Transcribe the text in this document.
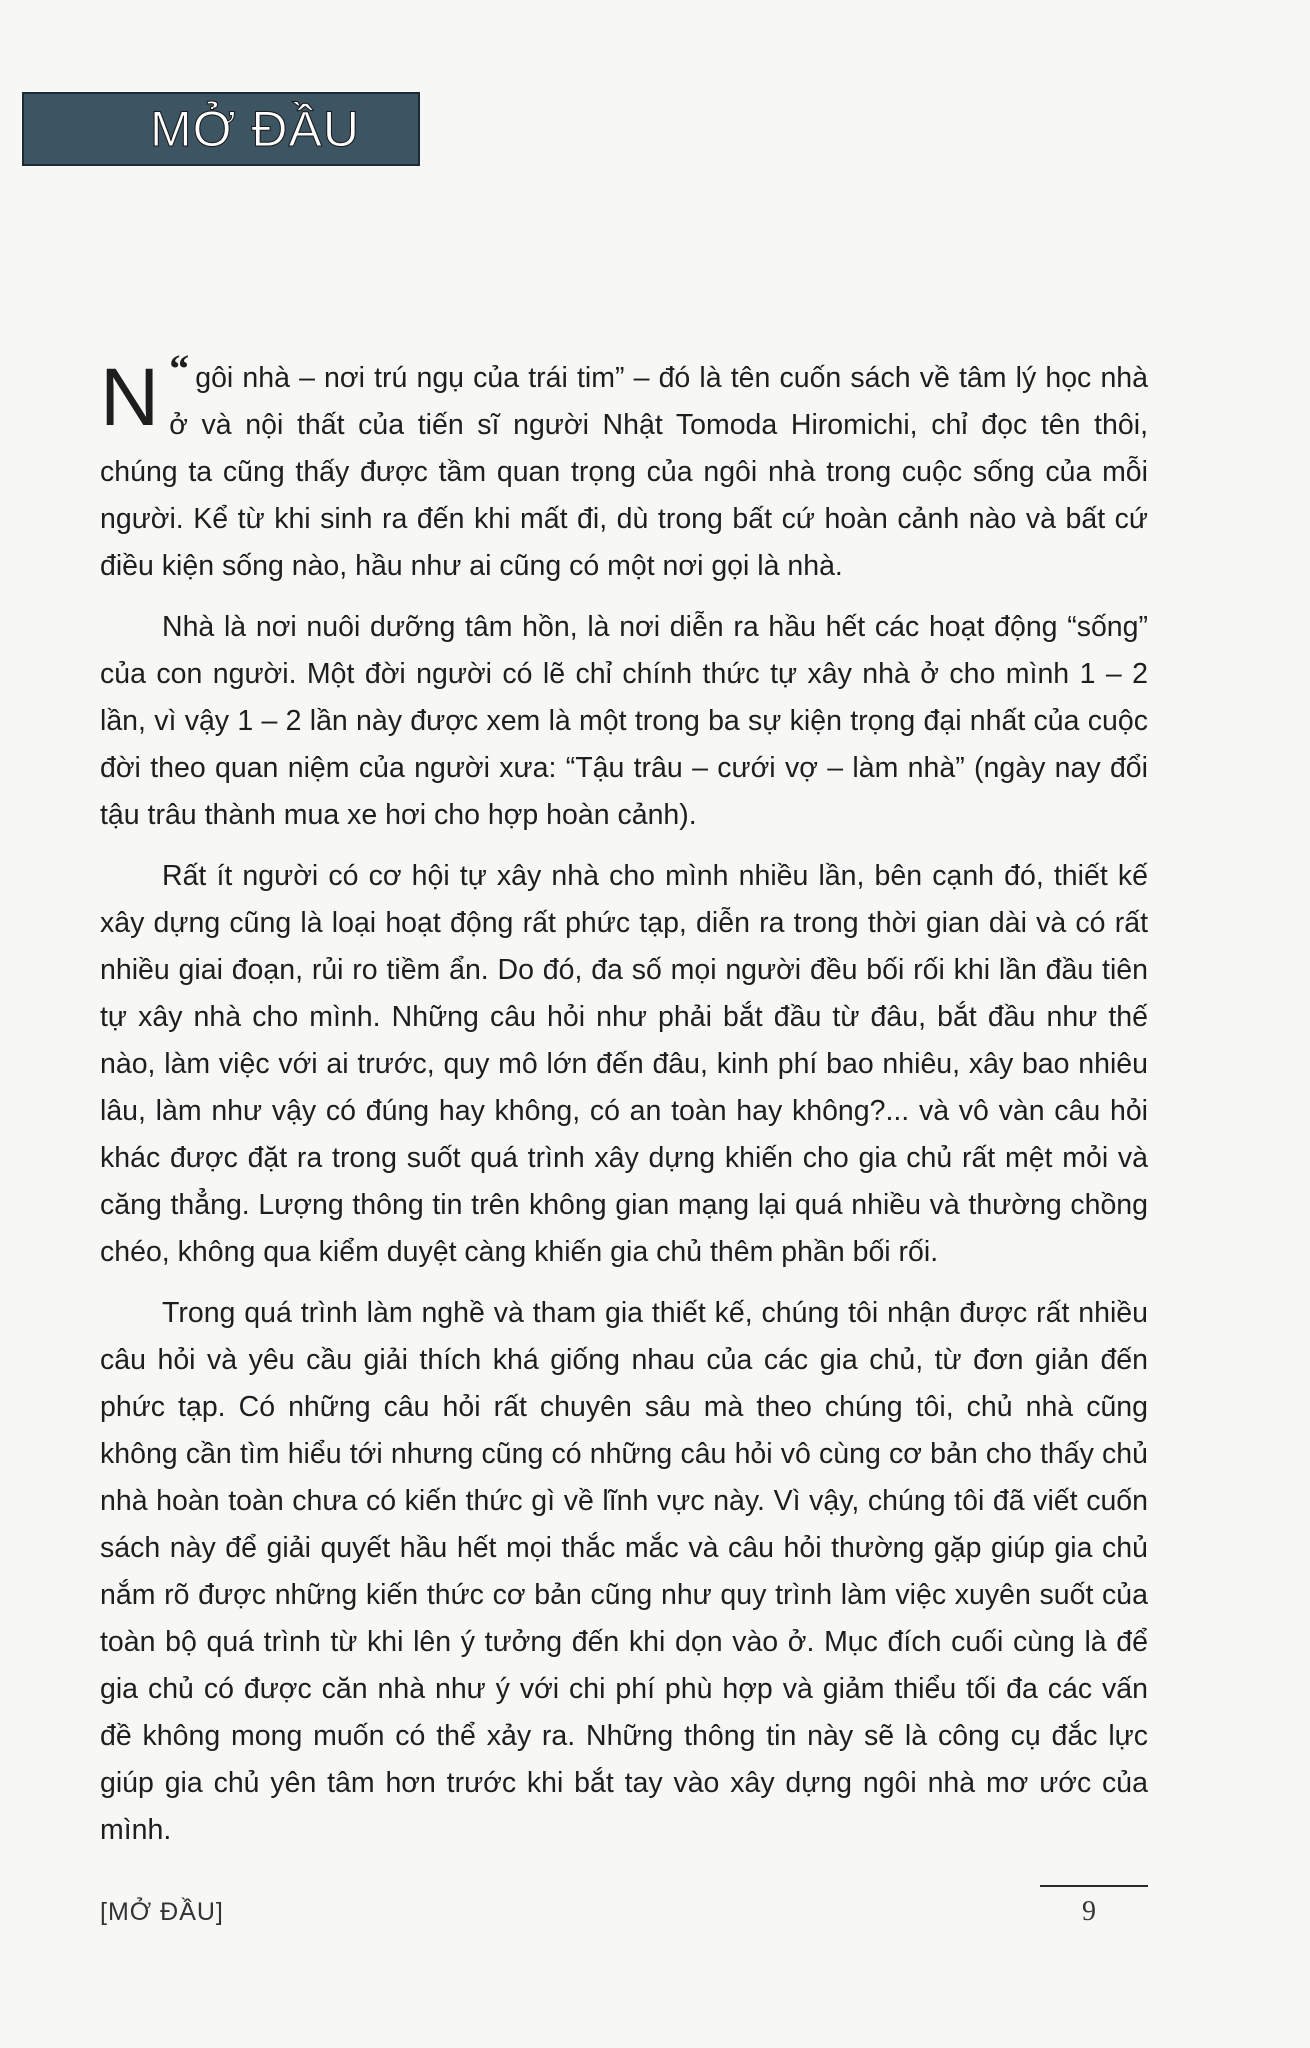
MỞ ĐẦU

“
N gôi nhà – nơi trú ngụ của trái tim” – đó là tên cuốn sách về tâm lý học nhà ở và nội thất của tiến sĩ người Nhật Tomoda Hiromichi, chỉ đọc tên thôi, chúng ta cũng thấy được tầm quan trọng của ngôi nhà trong cuộc sống của mỗi người. Kể từ khi sinh ra đến khi mất đi, dù trong bất cứ hoàn cảnh nào và bất cứ điều kiện sống nào, hầu như ai cũng có một nơi gọi là nhà.

Nhà là nơi nuôi dưỡng tâm hồn, là nơi diễn ra hầu hết các hoạt động “sống” của con người. Một đời người có lẽ chỉ chính thức tự xây nhà ở cho mình 1 – 2 lần, vì vậy 1 – 2 lần này được xem là một trong ba sự kiện trọng đại nhất của cuộc đời theo quan niệm của người xưa: “Tậu trâu – cưới vợ – làm nhà” (ngày nay đổi tậu trâu thành mua xe hơi cho hợp hoàn cảnh).

Rất ít người có cơ hội tự xây nhà cho mình nhiều lần, bên cạnh đó, thiết kế xây dựng cũng là loại hoạt động rất phức tạp, diễn ra trong thời gian dài và có rất nhiều giai đoạn, rủi ro tiềm ẩn. Do đó, đa số mọi người đều bối rối khi lần đầu tiên tự xây nhà cho mình. Những câu hỏi như phải bắt đầu từ đâu, bắt đầu như thế nào, làm việc với ai trước, quy mô lớn đến đâu, kinh phí bao nhiêu, xây bao nhiêu lâu, làm như vậy có đúng hay không, có an toàn hay không?... và vô vàn câu hỏi khác được đặt ra trong suốt quá trình xây dựng khiến cho gia chủ rất mệt mỏi và căng thẳng. Lượng thông tin trên không gian mạng lại quá nhiều và thường chồng chéo, không qua kiểm duyệt càng khiến gia chủ thêm phần bối rối.

Trong quá trình làm nghề và tham gia thiết kế, chúng tôi nhận được rất nhiều câu hỏi và yêu cầu giải thích khá giống nhau của các gia chủ, từ đơn giản đến phức tạp. Có những câu hỏi rất chuyên sâu mà theo chúng tôi, chủ nhà cũng không cần tìm hiểu tới nhưng cũng có những câu hỏi vô cùng cơ bản cho thấy chủ nhà hoàn toàn chưa có kiến thức gì về lĩnh vực này. Vì vậy, chúng tôi đã viết cuốn sách này để giải quyết hầu hết mọi thắc mắc và câu hỏi thường gặp giúp gia chủ nắm rõ được những kiến thức cơ bản cũng như quy trình làm việc xuyên suốt của toàn bộ quá trình từ khi lên ý tưởng đến khi dọn vào ở. Mục đích cuối cùng là để gia chủ có được căn nhà như ý với chi phí phù hợp và giảm thiểu tối đa các vấn đề không mong muốn có thể xảy ra. Những thông tin này sẽ là công cụ đắc lực giúp gia chủ yên tâm hơn trước khi bắt tay vào xây dựng ngôi nhà mơ ước của mình.

[MỞ ĐẦU]	9
